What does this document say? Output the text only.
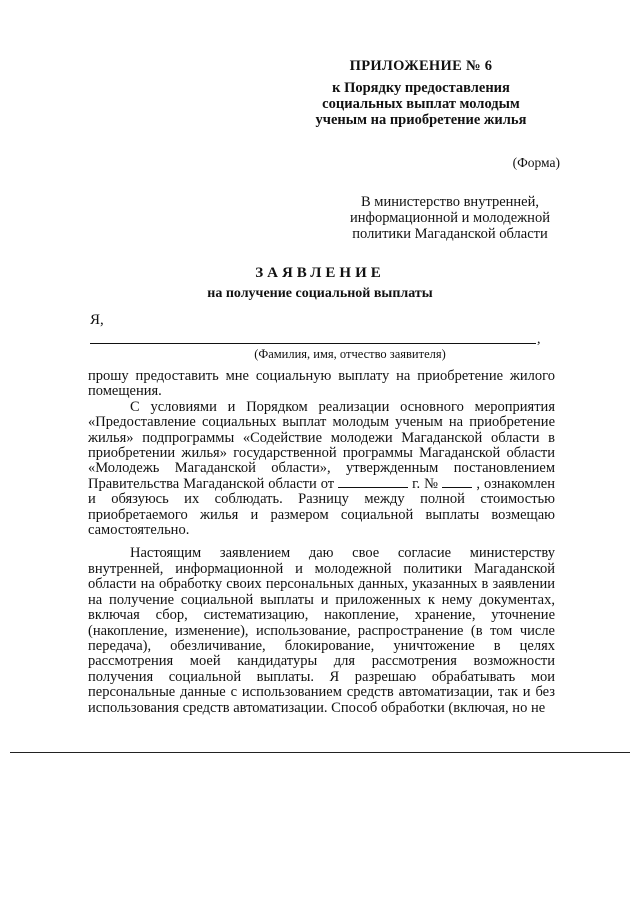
ПРИЛОЖЕНИЕ № 6
к Порядку предоставления
социальных выплат молодым
ученым на приобретение жилья
(Форма)
В министерство внутренней,
информационной и молодежной
политики Магаданской области
ЗАЯВЛЕНИЕ
на получение социальной выплаты
Я,
,
(Фамилия, имя, отчество заявителя)

прошу предоставить мне социальную выплату на приобретение жилого помещения.

С условиями и Порядком реализации основного мероприятия «Предоставление социальных выплат молодым ученым на приобретение жилья» подпрограммы «Содействие молодежи Магаданской области в приобретении жилья» государственной программы Магаданской области «Молодежь Магаданской области», утвержденным постановлением Правительства Магаданской области от	г. №	, ознакомлен и обязуюсь их соблюдать. Разницу между полной стоимостью приобретаемого жилья и размером социальной выплаты возмещаю самостоятельно.

Настоящим заявлением даю свое согласие министерству внутренней, информационной и молодежной политики Магаданской области на обработку своих персональных данных, указанных в заявлении на получение социальной выплаты и приложенных к нему документах, включая сбор, систематизацию, накопление, хранение, уточнение (накопление, изменение), использование, распространение (в том числе передача), обезличивание, блокирование, уничтожение в целях рассмотрения моей кандидатуры для рассмотрения возможности получения социальной выплаты. Я разрешаю обрабатывать мои персональные данные с использованием средств автоматизации, так и без использования средств автоматизации. Способ обработки (включая, но не
